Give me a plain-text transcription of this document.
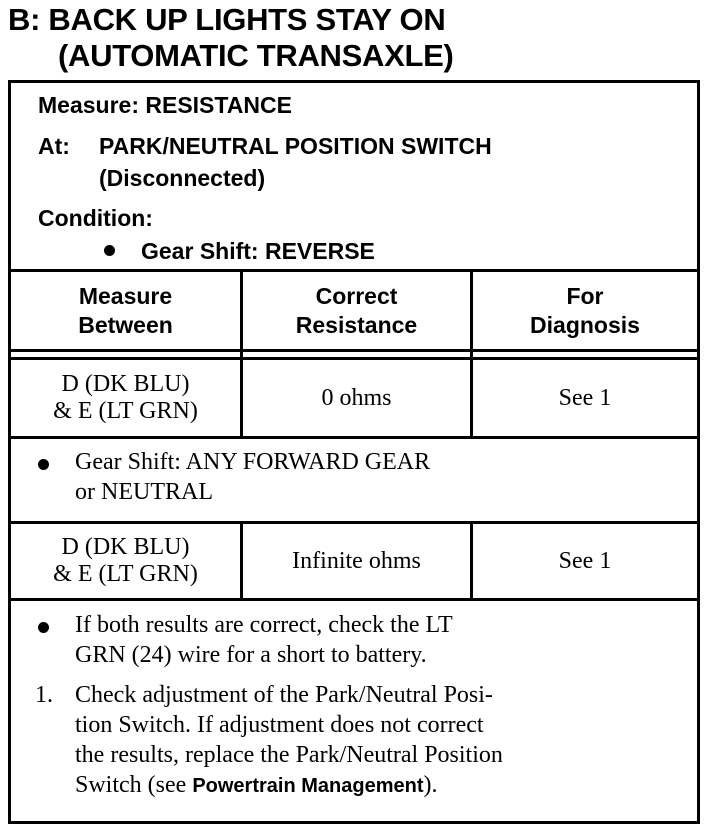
B: BACK UP LIGHTS STAY ON
(AUTOMATIC TRANSAXLE)
Measure: RESISTANCE
At: PARK/NEUTRAL POSITION SWITCH
(Disconnected)
Condition:
Gear Shift: REVERSE
Measure
Between
Correct
Resistance
For
Diagnosis
D (DK BLU)
& E (LT GRN)
0 ohms	See 1
Gear Shift: ANY FORWARD GEAR
or NEUTRAL
D (DK BLU)
& E (LT GRN)
Infinite ohms	See 1
If both results are correct, check the LT
GRN (24) wire for a short to battery.
1. Check adjustment of the Park/Neutral Posi-
tion Switch. If adjustment does not correct
the results, replace the Park/Neutral Position
Switch (see Powertrain Management).
